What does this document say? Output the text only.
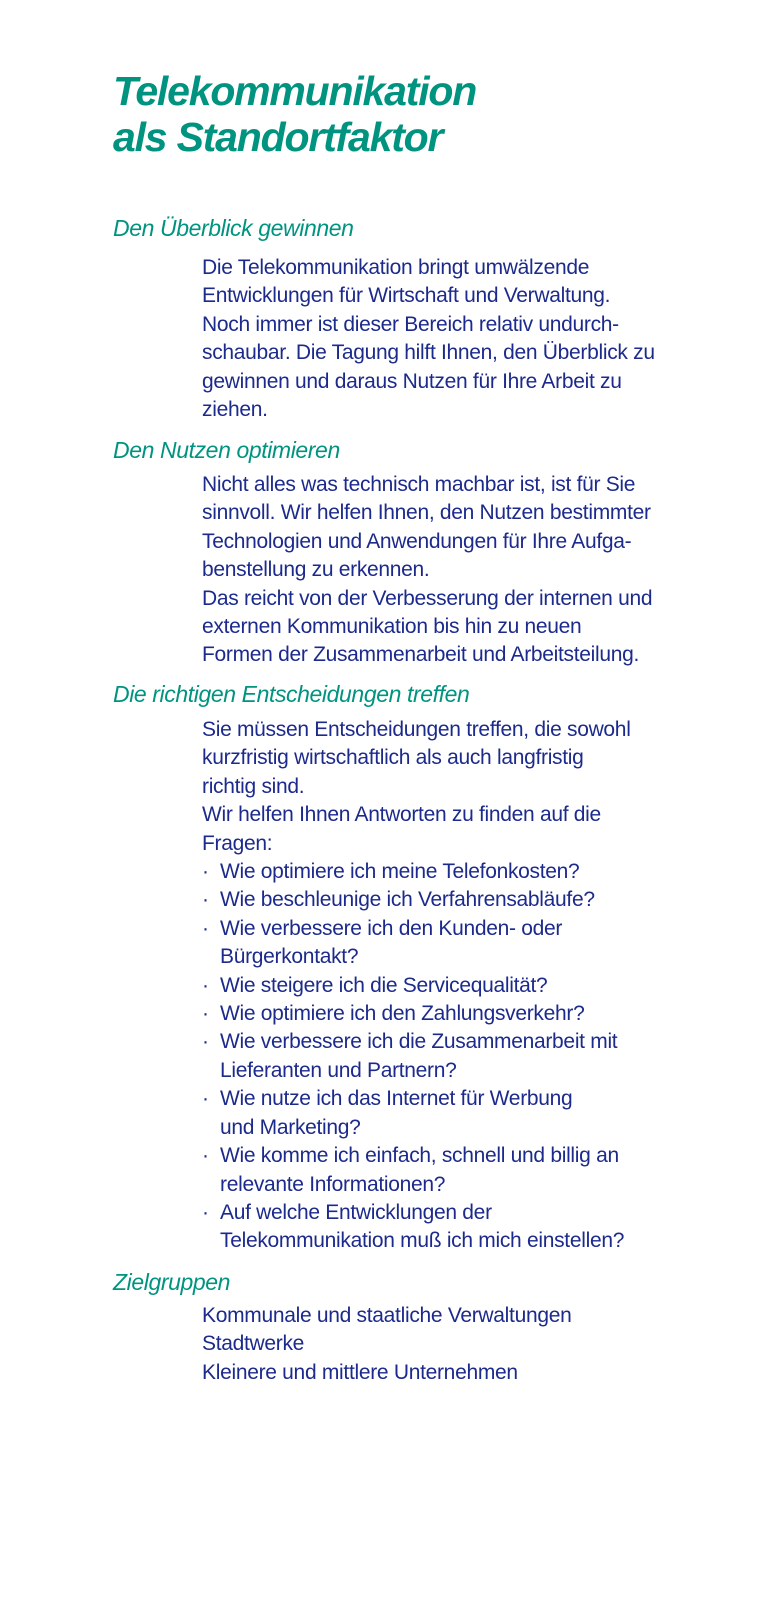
Telekommunikation
als Standortfaktor
Den Überblick gewinnen
Die Telekommunikation bringt umwälzende
Entwicklungen für Wirtschaft und Verwaltung.
Noch immer ist dieser Bereich relativ undurch-
schaubar. Die Tagung hilft Ihnen, den Überblick zu
gewinnen und daraus Nutzen für Ihre Arbeit zu
ziehen.
Den Nutzen optimieren
Nicht alles was technisch machbar ist, ist für Sie
sinnvoll. Wir helfen Ihnen, den Nutzen bestimmter
Technologien und Anwendungen für Ihre Aufga-
benstellung zu erkennen.
Das reicht von der Verbesserung der internen und
externen Kommunikation bis hin zu neuen
Formen der Zusammenarbeit und Arbeitsteilung.
Die richtigen Entscheidungen treffen
Sie müssen Entscheidungen treffen, die sowohl
kurzfristig wirtschaftlich als auch langfristig
richtig sind.
Wir helfen Ihnen Antworten zu finden auf die
Fragen:
· Wie optimiere ich meine Telefonkosten?
· Wie beschleunige ich Verfahrensabläufe?
· Wie verbessere ich den Kunden- oder
Bürgerkontakt?
· Wie steigere ich die Servicequalität?
· Wie optimiere ich den Zahlungsverkehr?
· Wie verbessere ich die Zusammenarbeit mit
Lieferanten und Partnern?
· Wie nutze ich das Internet für Werbung
und Marketing?
· Wie komme ich einfach, schnell und billig an
relevante Informationen?
· Auf welche Entwicklungen der
Telekommunikation muß ich mich einstellen?
Zielgruppen
Kommunale und staatliche Verwaltungen
Stadtwerke
Kleinere und mittlere Unternehmen
